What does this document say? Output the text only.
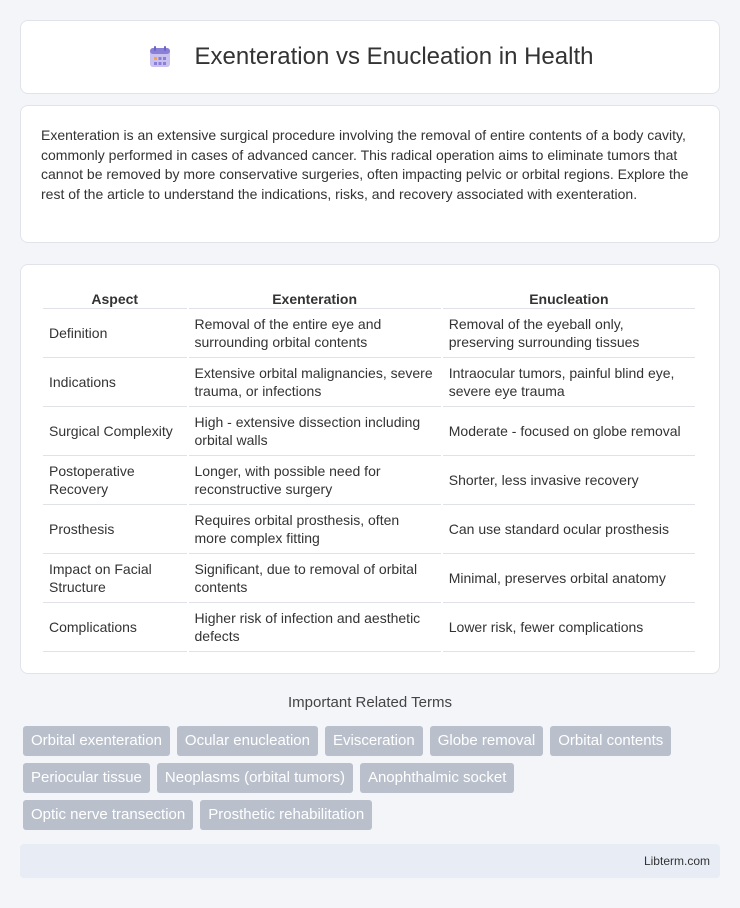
Exenteration vs Enucleation in Health

Exenteration is an extensive surgical procedure involving the removal of entire contents of a body cavity, commonly performed in cases of advanced cancer. This radical operation aims to eliminate tumors that cannot be removed by more conservative surgeries, often impacting pelvic or orbital regions. Explore the rest of the article to understand the indications, risks, and recovery associated with exenteration.

Aspect	Exenteration	Enucleation
Definition	Removal of the entire eye and surrounding orbital contents	Removal of the eyeball only, preserving surrounding tissues
Indications	Extensive orbital malignancies, severe trauma, or infections	Intraocular tumors, painful blind eye, severe eye trauma
Surgical Complexity	High - extensive dissection including orbital walls	Moderate - focused on globe removal
Postoperative Recovery	Longer, with possible need for reconstructive surgery	Shorter, less invasive recovery
Prosthesis	Requires orbital prosthesis, often more complex fitting	Can use standard ocular prosthesis
Impact on Facial Structure	Significant, due to removal of orbital contents	Minimal, preserves orbital anatomy
Complications	Higher risk of infection and aesthetic defects	Lower risk, fewer complications
Important Related Terms
Orbital exenteration	Ocular enucleation	Evisceration	Globe removal	Orbital contents
Periocular tissue	Neoplasms (orbital tumors)	Anophthalmic socket
Optic nerve transection	Prosthetic rehabilitation
Libterm.com
